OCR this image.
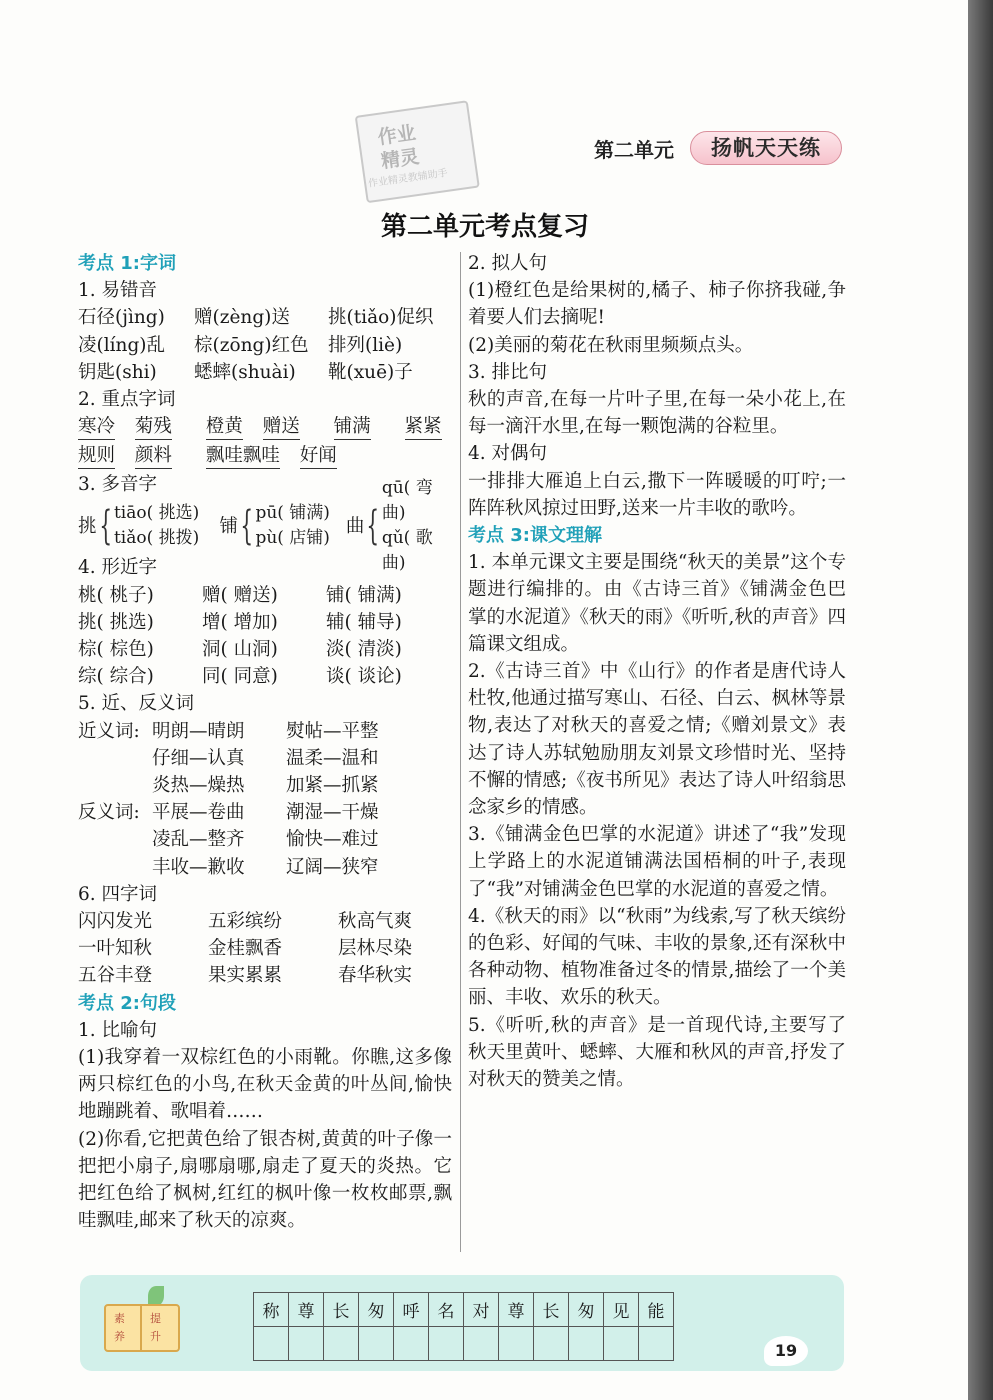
作业
精灵
作业精灵教辅助手
第二单元	扬帆天天练
第二单元考点复习
考点 1:字词
1. 易错音
石径(jìng)	赠(zèng)送	挑(tiǎo)促织
凌(líng)乱	棕(zōng)红色	排列(liè)
钥匙(shi)	蟋蟀(shuài)	靴(xuē)子
2. 重点字词
寒冷 菊残 橙黄 赠送 铺满 紧紧
规则 颜料 飘哇飘哇 好闻
3. 多音字
挑 { tiāo( 挑选)
tiǎo( 挑拨)
铺 { pū( 铺满)
pù( 店铺)
曲 {
qū( 弯曲)
qǔ( 歌曲)
4. 形近字
桃( 桃子)	赠( 赠送)	铺( 铺满)
挑( 挑选)	增( 增加)	辅( 辅导)
棕( 棕色)	洞( 山洞)	淡( 清淡)
综( 综合)	同( 同意)	谈( 谈论)
5. 近、反义词
近义词: 明朗—晴朗	熨帖—平整
仔细—认真	温柔—温和
炎热—燥热	加紧—抓紧
反义词: 平展—卷曲	潮湿—干燥
凌乱—整齐	愉快—难过
丰收—歉收	辽阔—狭窄
6. 四字词
闪闪发光	五彩缤纷	秋高气爽
一叶知秋	金桂飘香	层林尽染
五谷丰登	果实累累	春华秋实
考点 2:句段
1. 比喻句
(1)我穿着一双棕红色的小雨靴。你瞧,这多像两只棕红色的小鸟,在秋天金黄的叶丛间,愉快地蹦跳着、歌唱着……
(2)你看,它把黄色给了银杏树,黄黄的叶子像一把把小扇子,扇哪扇哪,扇走了夏天的炎热。它把红色给了枫树,红红的枫叶像一枚枚邮票,飘哇飘哇,邮来了秋天的凉爽。
2. 拟人句
(1)橙红色是给果树的,橘子、柿子你挤我碰,争着要人们去摘呢!
(2)美丽的菊花在秋雨里频频点头。
3. 排比句
秋的声音,在每一片叶子里,在每一朵小花上,在每一滴汗水里,在每一颗饱满的谷粒里。
4. 对偶句
一排排大雁追上白云,撒下一阵暖暖的叮咛;一阵阵秋风掠过田野,送来一片丰收的歌吟。
考点 3:课文理解
1. 本单元课文主要是围绕“秋天的美景”这个专题进行编排的。由《古诗三首》《铺满金色巴掌的水泥道》《秋天的雨》《听听,秋的声音》四篇课文组成。
2.《古诗三首》中《山行》的作者是唐代诗人杜牧,他通过描写寒山、石径、白云、枫林等景物,表达了对秋天的喜爱之情;《赠刘景文》表达了诗人苏轼勉励朋友刘景文珍惜时光、坚持不懈的情感;《夜书所见》表达了诗人叶绍翁思念家乡的情感。
3.《铺满金色巴掌的水泥道》讲述了“我”发现上学路上的水泥道铺满法国梧桐的叶子,表现了“我”对铺满金色巴掌的水泥道的喜爱之情。
4.《秋天的雨》以“秋雨”为线索,写了秋天缤纷的色彩、好闻的气味、丰收的景象,还有深秋中各种动物、植物准备过冬的情景,描绘了一个美丽、丰收、欢乐的秋天。
5.《听听,秋的声音》是一首现代诗,主要写了秋天里黄叶、蟋蟀、大雁和秋风的声音,抒发了对秋天的赞美之情。
素 提
养 升
称	尊	长	匆	呼	名	对	尊	长	匆	见	能

19
